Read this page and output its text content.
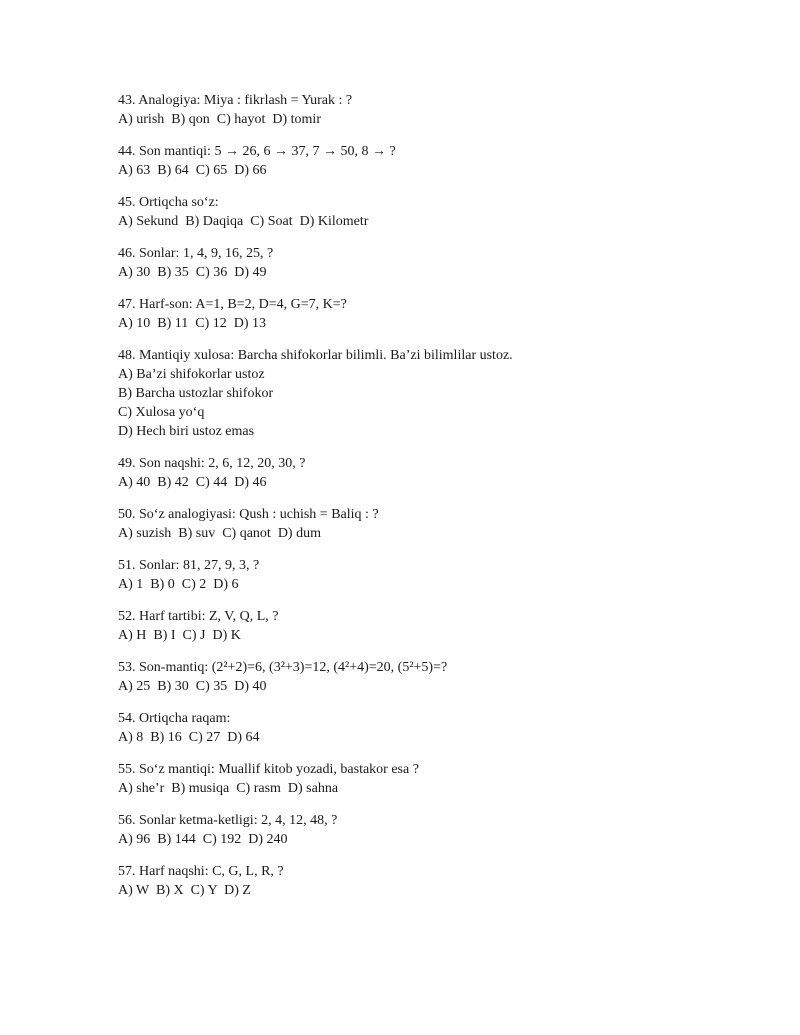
43. Analogiya: Miya : fikrlash = Yurak : ?

A) urish  B) qon  C) hayot  D) tomir

44. Son mantiqi: 5 → 26, 6 → 37, 7 → 50, 8 → ?

A) 63  B) 64  C) 65  D) 66

45. Ortiqcha so‘z:

A) Sekund  B) Daqiqa  C) Soat  D) Kilometr

46. Sonlar: 1, 4, 9, 16, 25, ?

A) 30  B) 35  C) 36  D) 49

47. Harf-son: A=1, B=2, D=4, G=7, K=?

A) 10  B) 11  C) 12  D) 13

48. Mantiqiy xulosa: Barcha shifokorlar bilimli. Ba’zi bilimlilar ustoz.

A) Ba’zi shifokorlar ustoz

B) Barcha ustozlar shifokor

C) Xulosa yo‘q

D) Hech biri ustoz emas

49. Son naqshi: 2, 6, 12, 20, 30, ?

A) 40  B) 42  C) 44  D) 46

50. So‘z analogiyasi: Qush : uchish = Baliq : ?

A) suzish  B) suv  C) qanot  D) dum

51. Sonlar: 81, 27, 9, 3, ?

A) 1  B) 0  C) 2  D) 6

52. Harf tartibi: Z, V, Q, L, ?

A) H  B) I  C) J  D) K

53. Son-mantiq: (2²+2)=6, (3²+3)=12, (4²+4)=20, (5²+5)=?

A) 25  B) 30  C) 35  D) 40

54. Ortiqcha raqam:

A) 8  B) 16  C) 27  D) 64

55. So‘z mantiqi: Muallif kitob yozadi, bastakor esa ?

A) she’r  B) musiqa  C) rasm  D) sahna

56. Sonlar ketma-ketligi: 2, 4, 12, 48, ?

A) 96  B) 144  C) 192  D) 240

57. Harf naqshi: C, G, L, R, ?

A) W  B) X  C) Y  D) Z
